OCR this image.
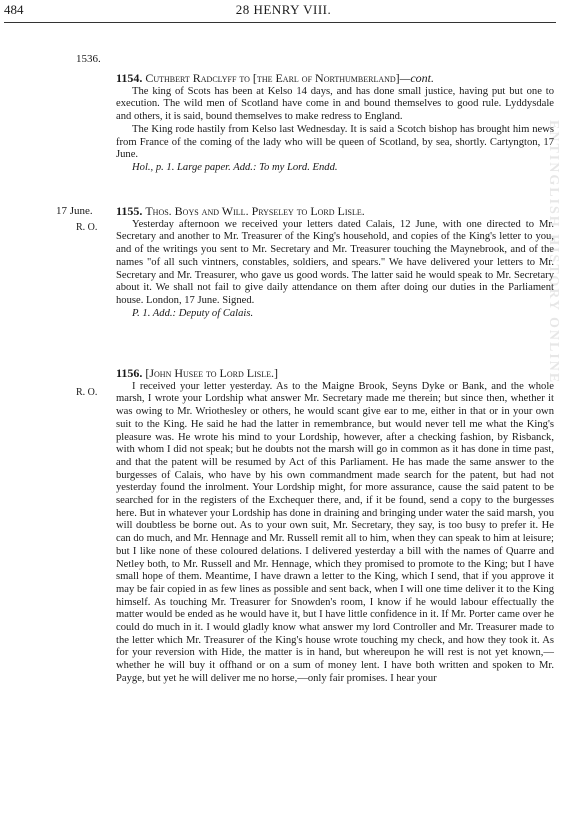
484	28 HENRY VIII.
1536.

1154. Cuthbert Radclyff to [the Earl of Northumberland]—cont.

The king of Scots has been at Kelso 14 days, and has done small justice, having put but one to execution. The wild men of Scotland have come in and bound themselves to good rule. Lyddysdale and others, it is said, bound themselves to make redress to England.

The King rode hastily from Kelso last Wednesday. It is said a Scotch bishop has brought him news from France of the coming of the lady who will be queen of Scotland, by sea, shortly. Cartyngton, 17 June.

Hol., p. 1. Large paper. Add.: To my Lord. Endd.

17 June.
R. O.

1155. Thos. Boys and Will. Pryseley to Lord Lisle.

Yesterday afternoon we received your letters dated Calais, 12 June, with one directed to Mr. Secretary and another to Mr. Treasurer of the King's household, and copies of the King's letter to you, and of the writings you sent to Mr. Secretary and Mr. Treasurer touching the Maynebrook, and of the names "of all such vintners, constables, soldiers, and spears." We have delivered your letters to Mr. Secretary and Mr. Treasurer, who gave us good words. The latter said he would speak to Mr. Secretary about it. We shall not fail to give daily attendance on them after doing our duties in the Parliament house. London, 17 June. Signed.

P. 1. Add.: Deputy of Calais.

R. O.

1156. [John Husee to Lord Lisle.]

I received your letter yesterday. As to the Maigne Brook, Seyns Dyke or Bank, and the whole marsh, I wrote your Lordship what answer Mr. Secretary made me therein; but since then, whether it was owing to Mr. Wriothesley or others, he would scant give ear to me, either in that or in your own suit to the King. He said he had the latter in remembrance, but would never tell me what the King's pleasure was. He wrote his mind to your Lordship, however, after a checking fashion, by Risbanck, with whom I did not speak; but he doubts not the marsh will go in common as it has done in time past, and that the patent will be resumed by Act of this Parliament. He has made the same answer to the burgesses of Calais, who have by his own commandment made search for the patent, but had not yesterday found the inrolment. Your Lordship might, for more assurance, cause the said patent to be searched for in the registers of the Exchequer there, and, if it be found, send a copy to the burgesses here. But in whatever your Lordship has done in draining and bringing under water the said marsh, you will doubtless be borne out. As to your own suit, Mr. Secretary, they say, is too busy to prefer it. He can do much, and Mr. Hennage and Mr. Russell remit all to him, when they can speak to him at leisure; but I like none of these coloured delations. I delivered yesterday a bill with the names of Quarre and Netley both, to Mr. Russell and Mr. Hennage, which they promised to promote to the King; but I have small hope of them. Meantime, I have drawn a letter to the King, which I send, that if you approve it may be fair copied in as few lines as possible and sent back, when I will one time deliver it to the King himself. As touching Mr. Treasurer for Snowden's room, I know if he would labour effectually the matter would be ended as he would have it, but I have little confidence in it. If Mr. Porter came over he could do much in it. I would gladly know what answer my lord Controller and Mr. Treasurer made to the letter which Mr. Treasurer of the King's house wrote touching my check, and how they took it. As for your reversion with Hide, the matter is in hand, but whereupon he will rest is not yet known,—whether he will buy it offhand or on a sum of money lent. I have both written and spoken to Mr. Payge, but yet he will deliver me no horse,—only fair promises. I hear your

ENTINGLISH HISTORY ONLINE
